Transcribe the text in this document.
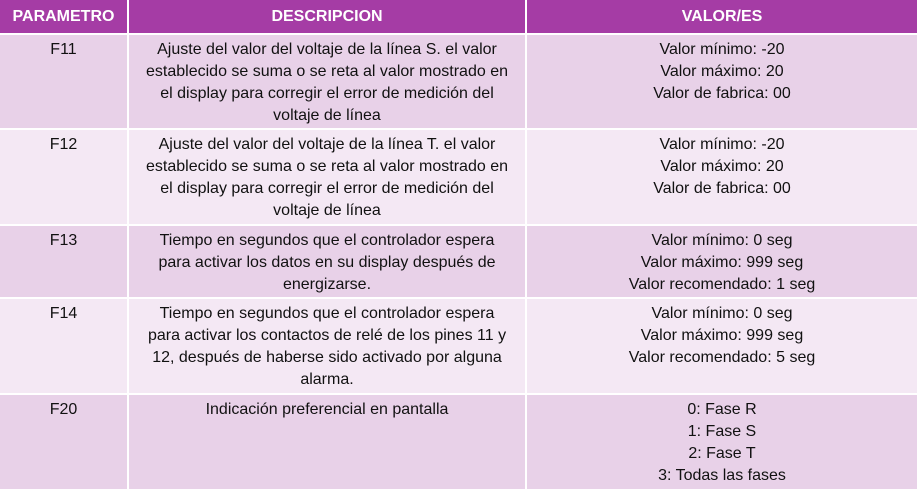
PARAMETRO	DESCRIPCION	VALOR/ES
F11	Ajuste del valor del voltaje de la línea S. el valor establecido se suma o se reta al valor mostrado en el display para corregir el error de medición del voltaje de línea	Valor mínimo: -20
Valor máximo: 20
Valor de fabrica: 00

F12	Ajuste del valor del voltaje de la línea T. el valor establecido se suma o se reta al valor mostrado en el display para corregir el error de medición del voltaje de línea	Valor mínimo: -20
Valor máximo: 20
Valor de fabrica: 00

F13	Tiempo en segundos que el controlador espera para activar los datos en su display después de energizarse.	Valor mínimo: 0 seg
Valor máximo: 999 seg
Valor recomendado: 1 seg

F14	Tiempo en segundos que el controlador espera para activar los contactos de relé de los pines 11 y 12, después de haberse sido activado por alguna alarma.	Valor mínimo: 0 seg
Valor máximo: 999 seg
Valor recomendado: 5 seg

F20	Indicación preferencial en pantalla	0: Fase R
1: Fase S
2: Fase T
3: Todas las fases
